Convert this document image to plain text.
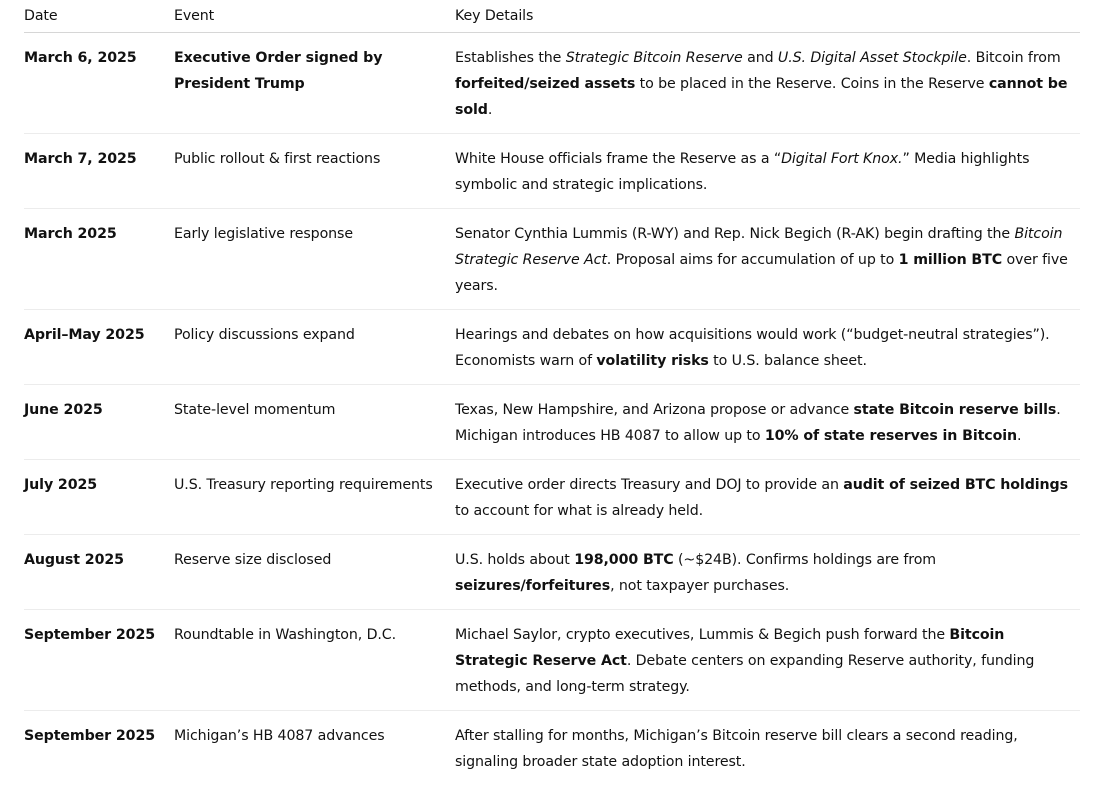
Date	Event	Key Details
March 6, 2025	Executive Order signed by President Trump	Establishes the Strategic Bitcoin Reserve and U.S. Digital Asset Stockpile. Bitcoin from forfeited/seized assets to be placed in the Reserve. Coins in the Reserve cannot be sold.
March 7, 2025	Public rollout & first reactions	White House officials frame the Reserve as a “Digital Fort Knox.” Media highlights symbolic and strategic implications.
March 2025	Early legislative response	Senator Cynthia Lummis (R-WY) and Rep. Nick Begich (R-AK) begin drafting the Bitcoin Strategic Reserve Act. Proposal aims for accumulation of up to 1 million BTC over five years.
April–May 2025	Policy discussions expand	Hearings and debates on how acquisitions would work (“budget-neutral strategies”). Economists warn of volatility risks to U.S. balance sheet.
June 2025	State-level momentum	Texas, New Hampshire, and Arizona propose or advance state Bitcoin reserve bills. Michigan introduces HB 4087 to allow up to 10% of state reserves in Bitcoin.
July 2025	U.S. Treasury reporting requirements	Executive order directs Treasury and DOJ to provide an audit of seized BTC holdings to account for what is already held.
August 2025	Reserve size disclosed	U.S. holds about 198,000 BTC (~$24B). Confirms holdings are from seizures/forfeitures, not taxpayer purchases.
September 2025	Roundtable in Washington, D.C.	Michael Saylor, crypto executives, Lummis & Begich push forward the Bitcoin Strategic Reserve Act. Debate centers on expanding Reserve authority, funding methods, and long-term strategy.
September 2025	Michigan’s HB 4087 advances	After stalling for months, Michigan’s Bitcoin reserve bill clears a second reading, signaling broader state adoption interest.
